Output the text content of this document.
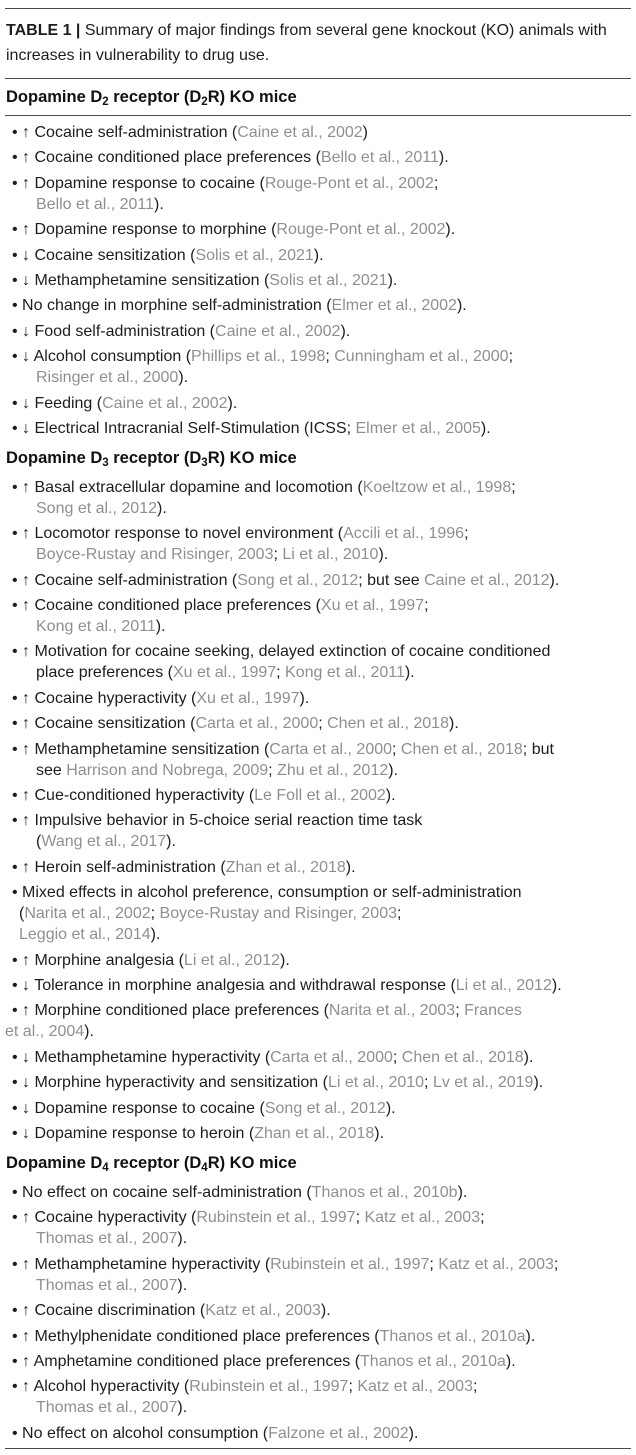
TABLE 1 | Summary of major findings from several gene knockout (KO) animals with increases in vulnerability to drug use.
Dopamine $D_2$ receptor $(D_2R)$ KO mice
• ↑ Cocaine self-administration (Caine et al., 2002)
• ↑ Cocaine conditioned place preferences (Bello et al., 2011).
• ↑ Dopamine response to cocaine (Rouge-Pont et al., 2002;
Bello et al., 2011).
• ↑ Dopamine response to morphine (Rouge-Pont et al., 2002).
• ↓ Cocaine sensitization (Solis et al., 2021).
• ↓ Methamphetamine sensitization (Solis et al., 2021).
• No change in morphine self-administration (Elmer et al., 2002).
• ↓ Food self-administration (Caine et al., 2002).
• ↓ Alcohol consumption (Phillips et al., 1998; Cunningham et al., 2000;
Risinger et al., 2000).
• ↓ Feeding (Caine et al., 2002).
• ↓ Electrical Intracranial Self-Stimulation (ICSS; Elmer et al., 2005).
Dopamine $D_3$ receptor $(D_3R)$ KO mice
• ↑ Basal extracellular dopamine and locomotion (Koeltzow et al., 1998;
Song et al., 2012).
• ↑ Locomotor response to novel environment (Accili et al., 1996;
Boyce-Rustay and Risinger, 2003; Li et al., 2010).
• ↑ Cocaine self-administration (Song et al., 2012; but see Caine et al., 2012).
• ↑ Cocaine conditioned place preferences (Xu et al., 1997;
Kong et al., 2011).
• ↑ Motivation for cocaine seeking, delayed extinction of cocaine conditioned
place preferences (Xu et al., 1997; Kong et al., 2011).
• ↑ Cocaine hyperactivity (Xu et al., 1997).
• ↑ Cocaine sensitization (Carta et al., 2000; Chen et al., 2018).
• ↑ Methamphetamine sensitization (Carta et al., 2000; Chen et al., 2018; but
see Harrison and Nobrega, 2009; Zhu et al., 2012).
• ↑ Cue-conditioned hyperactivity (Le Foll et al., 2002).
• ↑ Impulsive behavior in 5-choice serial reaction time task
(Wang et al., 2017).
• ↑ Heroin self-administration (Zhan et al., 2018).
• Mixed effects in alcohol preference, consumption or self-administration
(Narita et al., 2002; Boyce-Rustay and Risinger, 2003;
Leggio et al., 2014).
• ↑ Morphine analgesia (Li et al., 2012).
• ↓ Tolerance in morphine analgesia and withdrawal response (Li et al., 2012).
• ↑ Morphine conditioned place preferences (Narita et al., 2003; Frances
et al., 2004).
• ↓ Methamphetamine hyperactivity (Carta et al., 2000; Chen et al., 2018).
• ↓ Morphine hyperactivity and sensitization (Li et al., 2010; Lv et al., 2019).
• ↓ Dopamine response to cocaine (Song et al., 2012).
• ↓ Dopamine response to heroin (Zhan et al., 2018).
Dopamine $D_4$ receptor $(D_4R)$ KO mice
• No effect on cocaine self-administration (Thanos et al., 2010b).
• ↑ Cocaine hyperactivity (Rubinstein et al., 1997; Katz et al., 2003;
Thomas et al., 2007).
• ↑ Methamphetamine hyperactivity (Rubinstein et al., 1997; Katz et al., 2003;
Thomas et al., 2007).
• ↑ Cocaine discrimination (Katz et al., 2003).
• ↑ Methylphenidate conditioned place preferences (Thanos et al., 2010a).
• ↑ Amphetamine conditioned place preferences (Thanos et al., 2010a).
• ↑ Alcohol hyperactivity (Rubinstein et al., 1997; Katz et al., 2003;
Thomas et al., 2007).
• No effect on alcohol consumption (Falzone et al., 2002).
